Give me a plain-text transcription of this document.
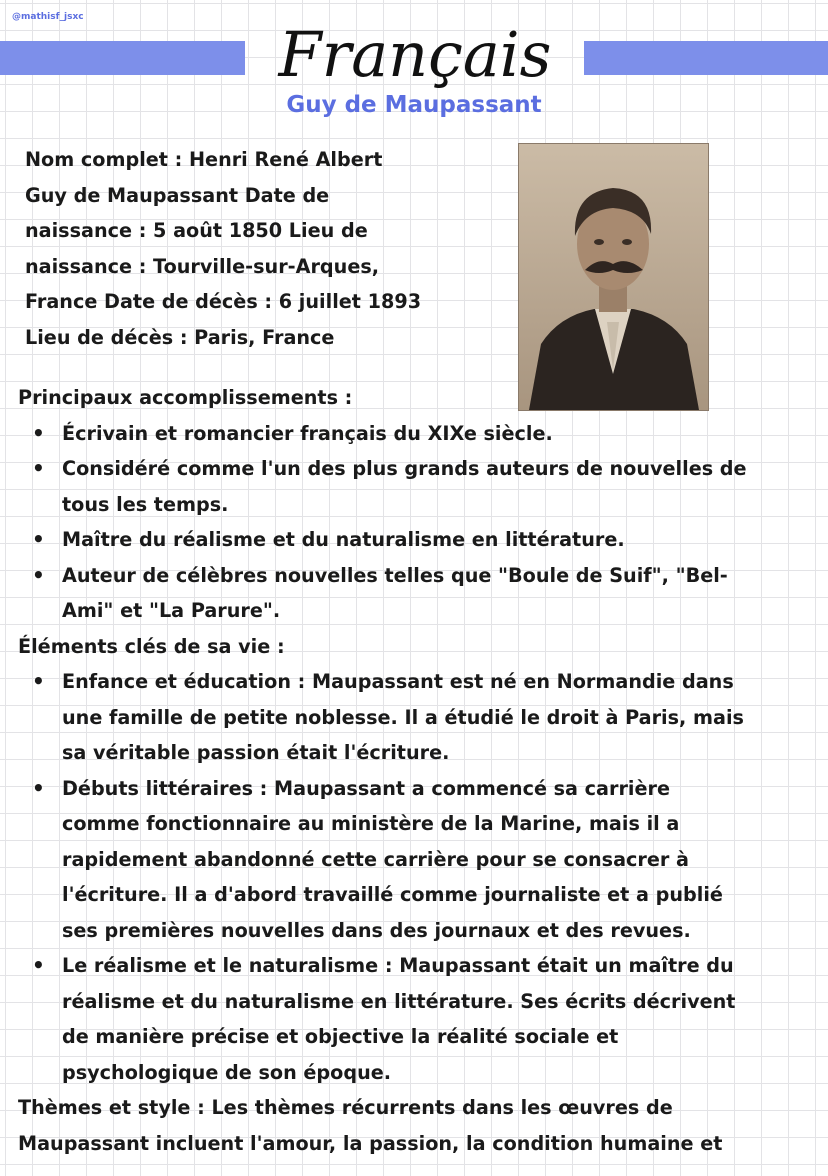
@mathisf_jsxc
Français
Guy de Maupassant
Nom complet : Henri René Albert
Guy de Maupassant Date de
naissance : 5 août 1850 Lieu de
naissance : Tourville-sur-Arques,
France Date de décès : 6 juillet 1893
Lieu de décès : Paris, France
Principaux accomplissements :
• Écrivain et romancier français du XIXe siècle.
• Considéré comme l'un des plus grands auteurs de nouvelles de
tous les temps.
• Maître du réalisme et du naturalisme en littérature.
• Auteur de célèbres nouvelles telles que "Boule de Suif", "Bel-
Ami" et "La Parure".
Éléments clés de sa vie :
• Enfance et éducation : Maupassant est né en Normandie dans
une famille de petite noblesse. Il a étudié le droit à Paris, mais
sa véritable passion était l'écriture.
• Débuts littéraires : Maupassant a commencé sa carrière
comme fonctionnaire au ministère de la Marine, mais il a
rapidement abandonné cette carrière pour se consacrer à
l'écriture. Il a d'abord travaillé comme journaliste et a publié
ses premières nouvelles dans des journaux et des revues.
• Le réalisme et le naturalisme : Maupassant était un maître du
réalisme et du naturalisme en littérature. Ses écrits décrivent
de manière précise et objective la réalité sociale et
psychologique de son époque.
Thèmes et style : Les thèmes récurrents dans les œuvres de
Maupassant incluent l'amour, la passion, la condition humaine et
